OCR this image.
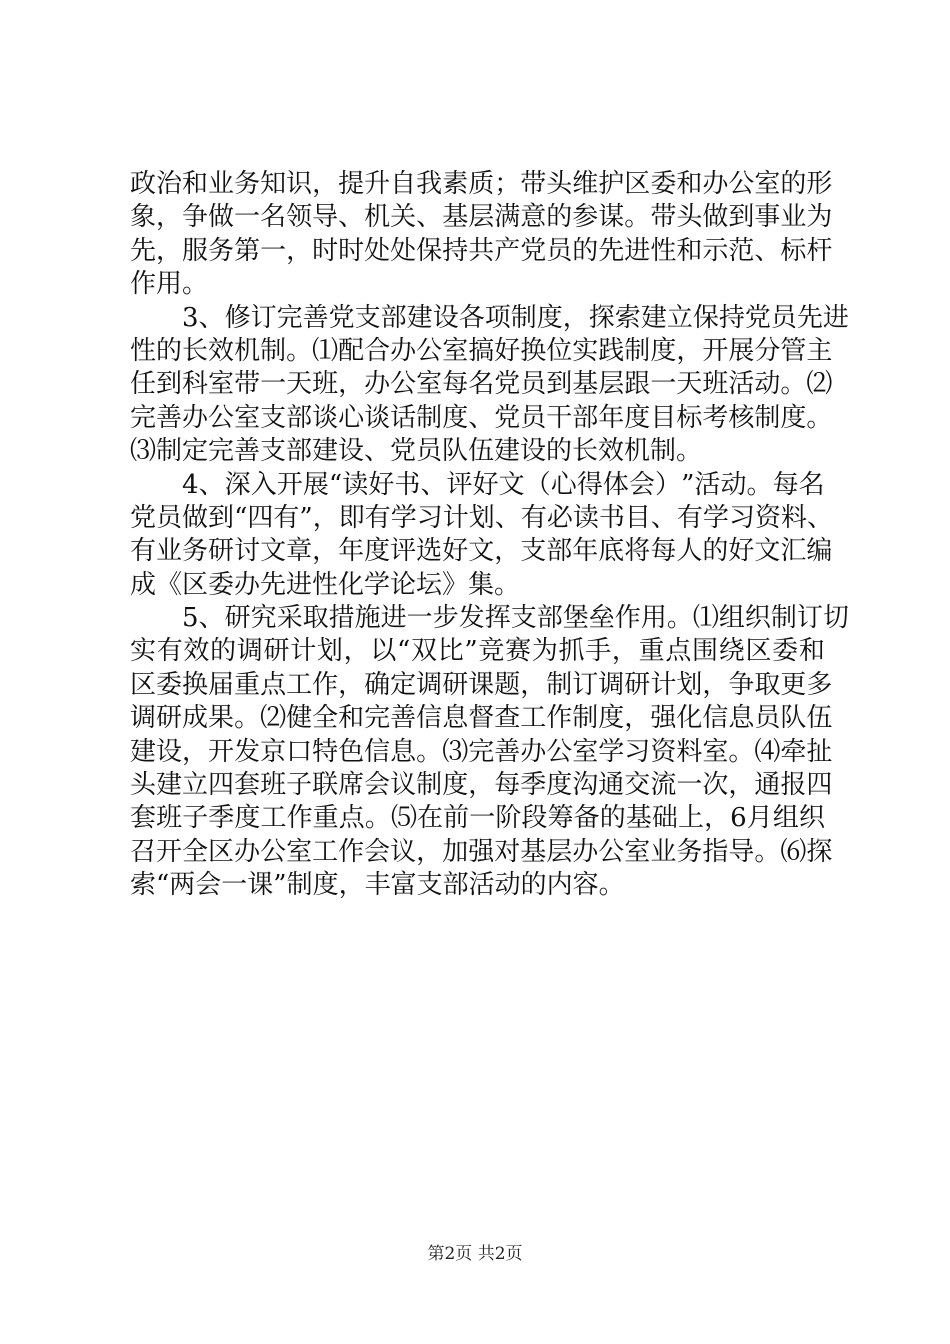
政 治 和 业 务 知 识 ， 提 升 自 我 素 质 ； 带 头 维 护 区 委 和 办 公 室 的 形
象 ， 争 做 一 名 领 导 、 机 关 、 基 层 满 意 的 参 谋 。 带 头 做 到 事 业 为
先 ， 服 务 第 一 ， 时 时 处 处 保 持 共 产 党 员 的 先 进 性 和 示 范 、 标 杆
作用。
3 、 修 订 完 善 党 支 部 建 设 各 项 制 度 ， 探 索 建 立 保 持 党 员 先 进
性 的 长 效 机 制 。 ⑴ 配 合 办 公 室 搞 好 换 位 实 践 制 度 ， 开 展 分 管 主
任 到 科 室 带 一 天 班 ， 办 公 室 每 名 党 员 到 基 层 跟 一 天 班 活 动 。 ⑵
完 善 办 公 室 支 部 谈 心 谈 话 制 度 、 党 员 干 部 年 度 目 标 考 核 制 度 。
⑶制定完善支部建设、党员队伍建设的长效机制。
4 、 深 入 开 展 “ 读 好 书 、 评 好 文 （ 心 得 体 会 ） ” 活 动 。 每 名
党 员 做 到 “ 四 有 ” ， 即 有 学 习 计 划 、 有 必 读 书 目 、 有 学 习 资 料 、
有 业 务 研 讨 文 章 ， 年 度 评 选 好 文 ， 支 部 年 底 将 每 人 的 好 文 汇 编
成《区委办先进性化学论坛》集。
5 、 研 究 采 取 措 施 进 一 步 发 挥 支 部 堡 垒 作 用 。 ⑴ 组 织 制 订 切
实 有 效 的 调 研 计 划 ， 以 “ 双 比 ” 竞 赛 为 抓 手 ， 重 点 围 绕 区 委 和
区 委 换 届 重 点 工 作 ， 确 定 调 研 课 题 ， 制 订 调 研 计 划 ， 争 取 更 多
调 研 成 果 。 ⑵ 健 全 和 完 善 信 息 督 查 工 作 制 度 ， 强 化 信 息 员 队 伍
建 设 ， 开 发 京 口 特 色 信 息 。 ⑶ 完 善 办 公 室 学 习 资 料 室 。 ⑷ 牵 扯
头 建 立 四 套 班 子 联 席 会 议 制 度 ， 每 季 度 沟 通 交 流 一 次 ， 通 报 四
套 班 子 季 度 工 作 重 点 。 ⑸ 在 前 一 阶 段 筹 备 的 基 础 上 ， 6 月 组 织
召 开 全 区 办 公 室 工 作 会 议 ， 加 强 对 基 层 办 公 室 业 务 指 导 。 ⑹ 探
索“两会一课”制度，丰富支部活动的内容。
第2页 共2页
